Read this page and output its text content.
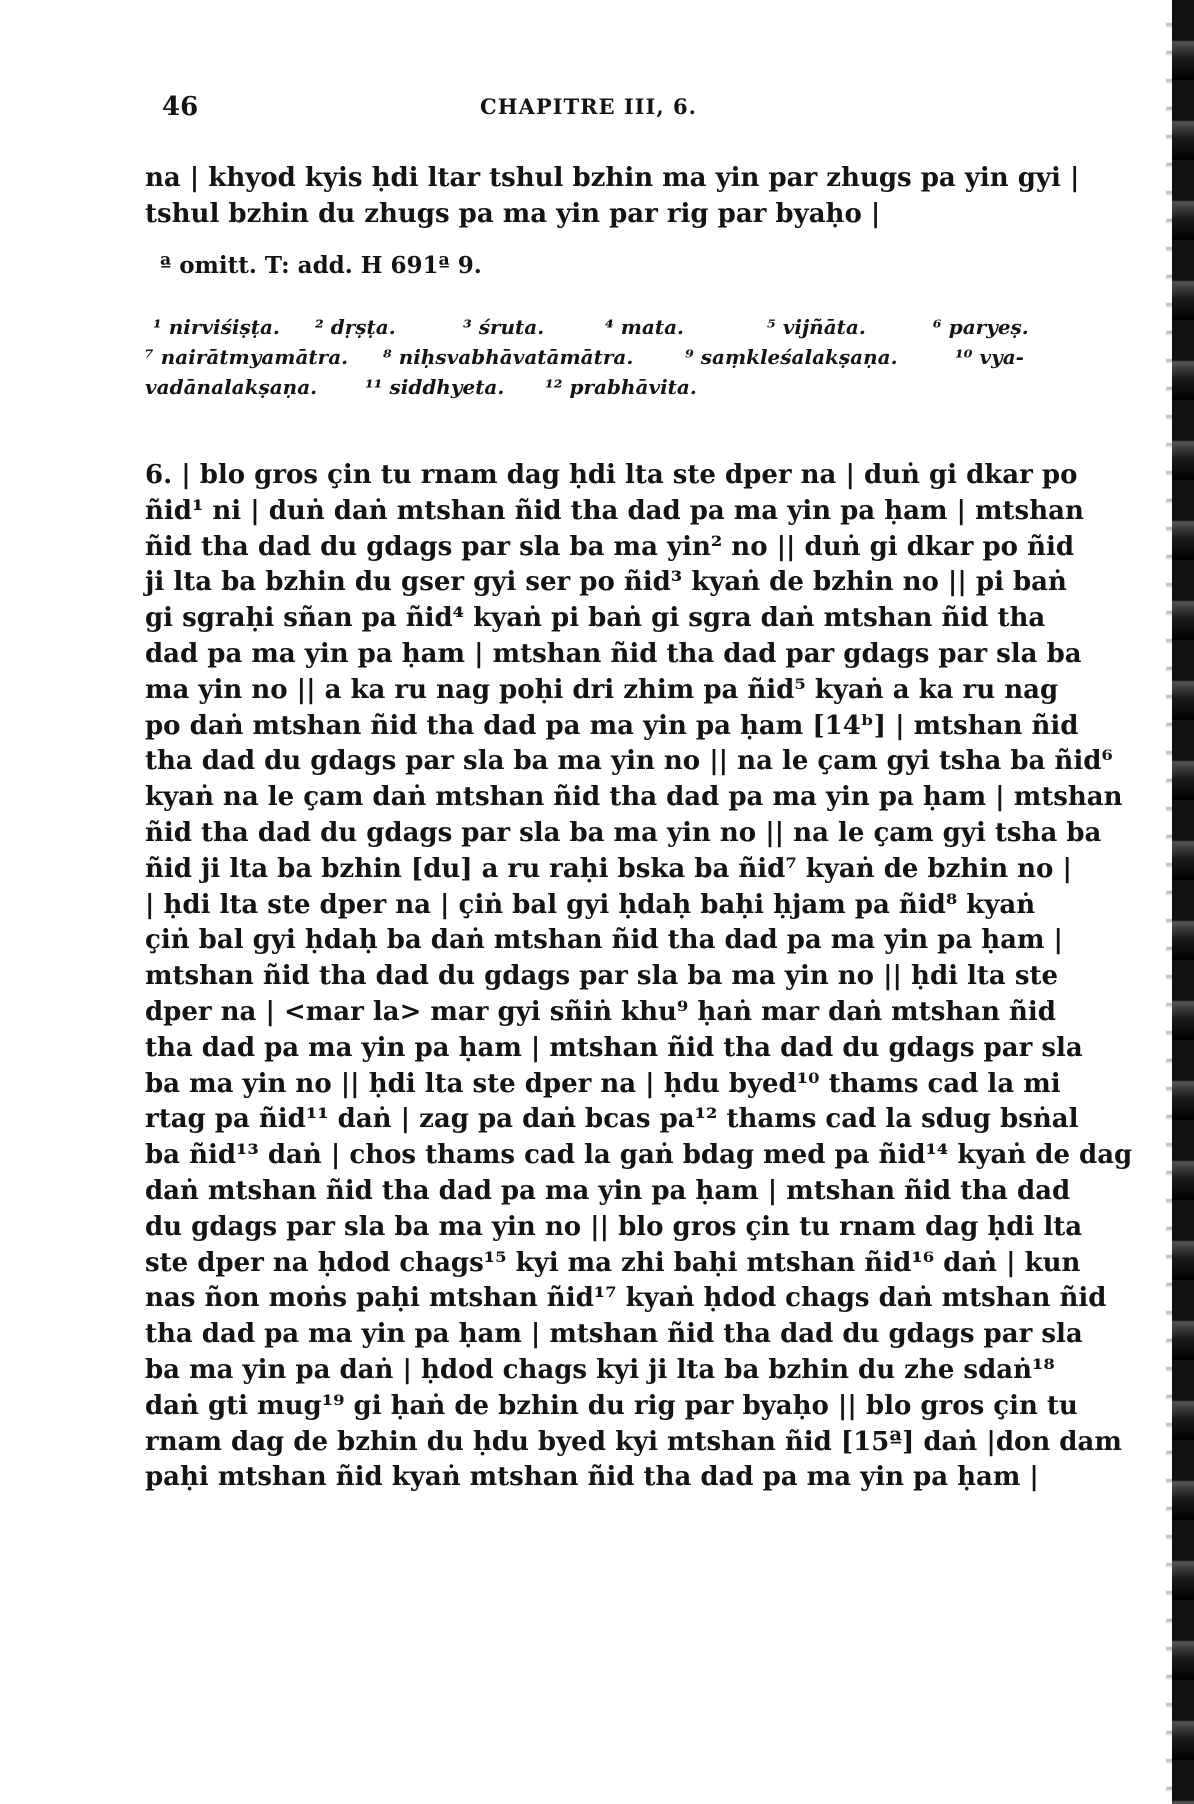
46	CHAPITRE III, 6.
na | khyod kyis ḥdi ltar tshul bzhin ma yin par zhugs pa yin gyi |
tshul bzhin du zhugs pa ma yin par rig par byaḥo |
ª omitt. T: add. H 691ª 9.
¹ nirviśiṣṭa. ² dṛṣṭa.	³ śruta.	⁴ mata.	⁵ vijñāta.	⁶ paryeṣ.
⁷ nairātmyamātra. ⁸ niḥsvabhāvatāmātra.	⁹ saṃkleśalakṣaṇa.	¹⁰ vya-
vadānalakṣaṇa. ¹¹ siddhyeta. ¹² prabhāvita.
6. | blo gros çin tu rnam dag ḥdi lta ste dper na | duṅ gi dkar po
ñid¹ ni | duṅ daṅ mtshan ñid tha dad pa ma yin pa ḥam | mtshan
ñid tha dad du gdags par sla ba ma yin² no || duṅ gi dkar po ñid
ji lta ba bzhin du gser gyi ser po ñid³ kyaṅ de bzhin no || pi baṅ
gi sgraḥi sñan pa ñid⁴ kyaṅ pi baṅ gi sgra daṅ mtshan ñid tha
dad pa ma yin pa ḥam | mtshan ñid tha dad par gdags par sla ba
ma yin no || a ka ru nag poḥi dri zhim pa ñid⁵ kyaṅ a ka ru nag
po daṅ mtshan ñid tha dad pa ma yin pa ḥam [14ᵇ] | mtshan ñid
tha dad du gdags par sla ba ma yin no || na le çam gyi tsha ba ñid⁶
kyaṅ na le çam daṅ mtshan ñid tha dad pa ma yin pa ḥam | mtshan
ñid tha dad du gdags par sla ba ma yin no || na le çam gyi tsha ba
ñid ji lta ba bzhin [du] a ru raḥi bska ba ñid⁷ kyaṅ de bzhin no |
| ḥdi lta ste dper na | çiṅ bal gyi ḥdaḥ baḥi ḥjam pa ñid⁸ kyaṅ
çiṅ bal gyi ḥdaḥ ba daṅ mtshan ñid tha dad pa ma yin pa ḥam |
mtshan ñid tha dad du gdags par sla ba ma yin no || ḥdi lta ste
dper na | <mar la> mar gyi sñiṅ khu⁹ ḥaṅ mar daṅ mtshan ñid
tha dad pa ma yin pa ḥam | mtshan ñid tha dad du gdags par sla
ba ma yin no || ḥdi lta ste dper na | ḥdu byed¹⁰ thams cad la mi
rtag pa ñid¹¹ daṅ | zag pa daṅ bcas pa¹² thams cad la sdug bsṅal
ba ñid¹³ daṅ | chos thams cad la gaṅ bdag med pa ñid¹⁴ kyaṅ de dag
daṅ mtshan ñid tha dad pa ma yin pa ḥam | mtshan ñid tha dad
du gdags par sla ba ma yin no || blo gros çin tu rnam dag ḥdi lta
ste dper na ḥdod chags¹⁵ kyi ma zhi baḥi mtshan ñid¹⁶ daṅ | kun
nas ñon moṅs paḥi mtshan ñid¹⁷ kyaṅ ḥdod chags daṅ mtshan ñid
tha dad pa ma yin pa ḥam | mtshan ñid tha dad du gdags par sla
ba ma yin pa daṅ | ḥdod chags kyi ji lta ba bzhin du zhe sdaṅ¹⁸
daṅ gti mug¹⁹ gi ḥaṅ de bzhin du rig par byaḥo || blo gros çin tu
rnam dag de bzhin du ḥdu byed kyi mtshan ñid [15ª] daṅ |don dam
paḥi mtshan ñid kyaṅ mtshan ñid tha dad pa ma yin pa ḥam |
